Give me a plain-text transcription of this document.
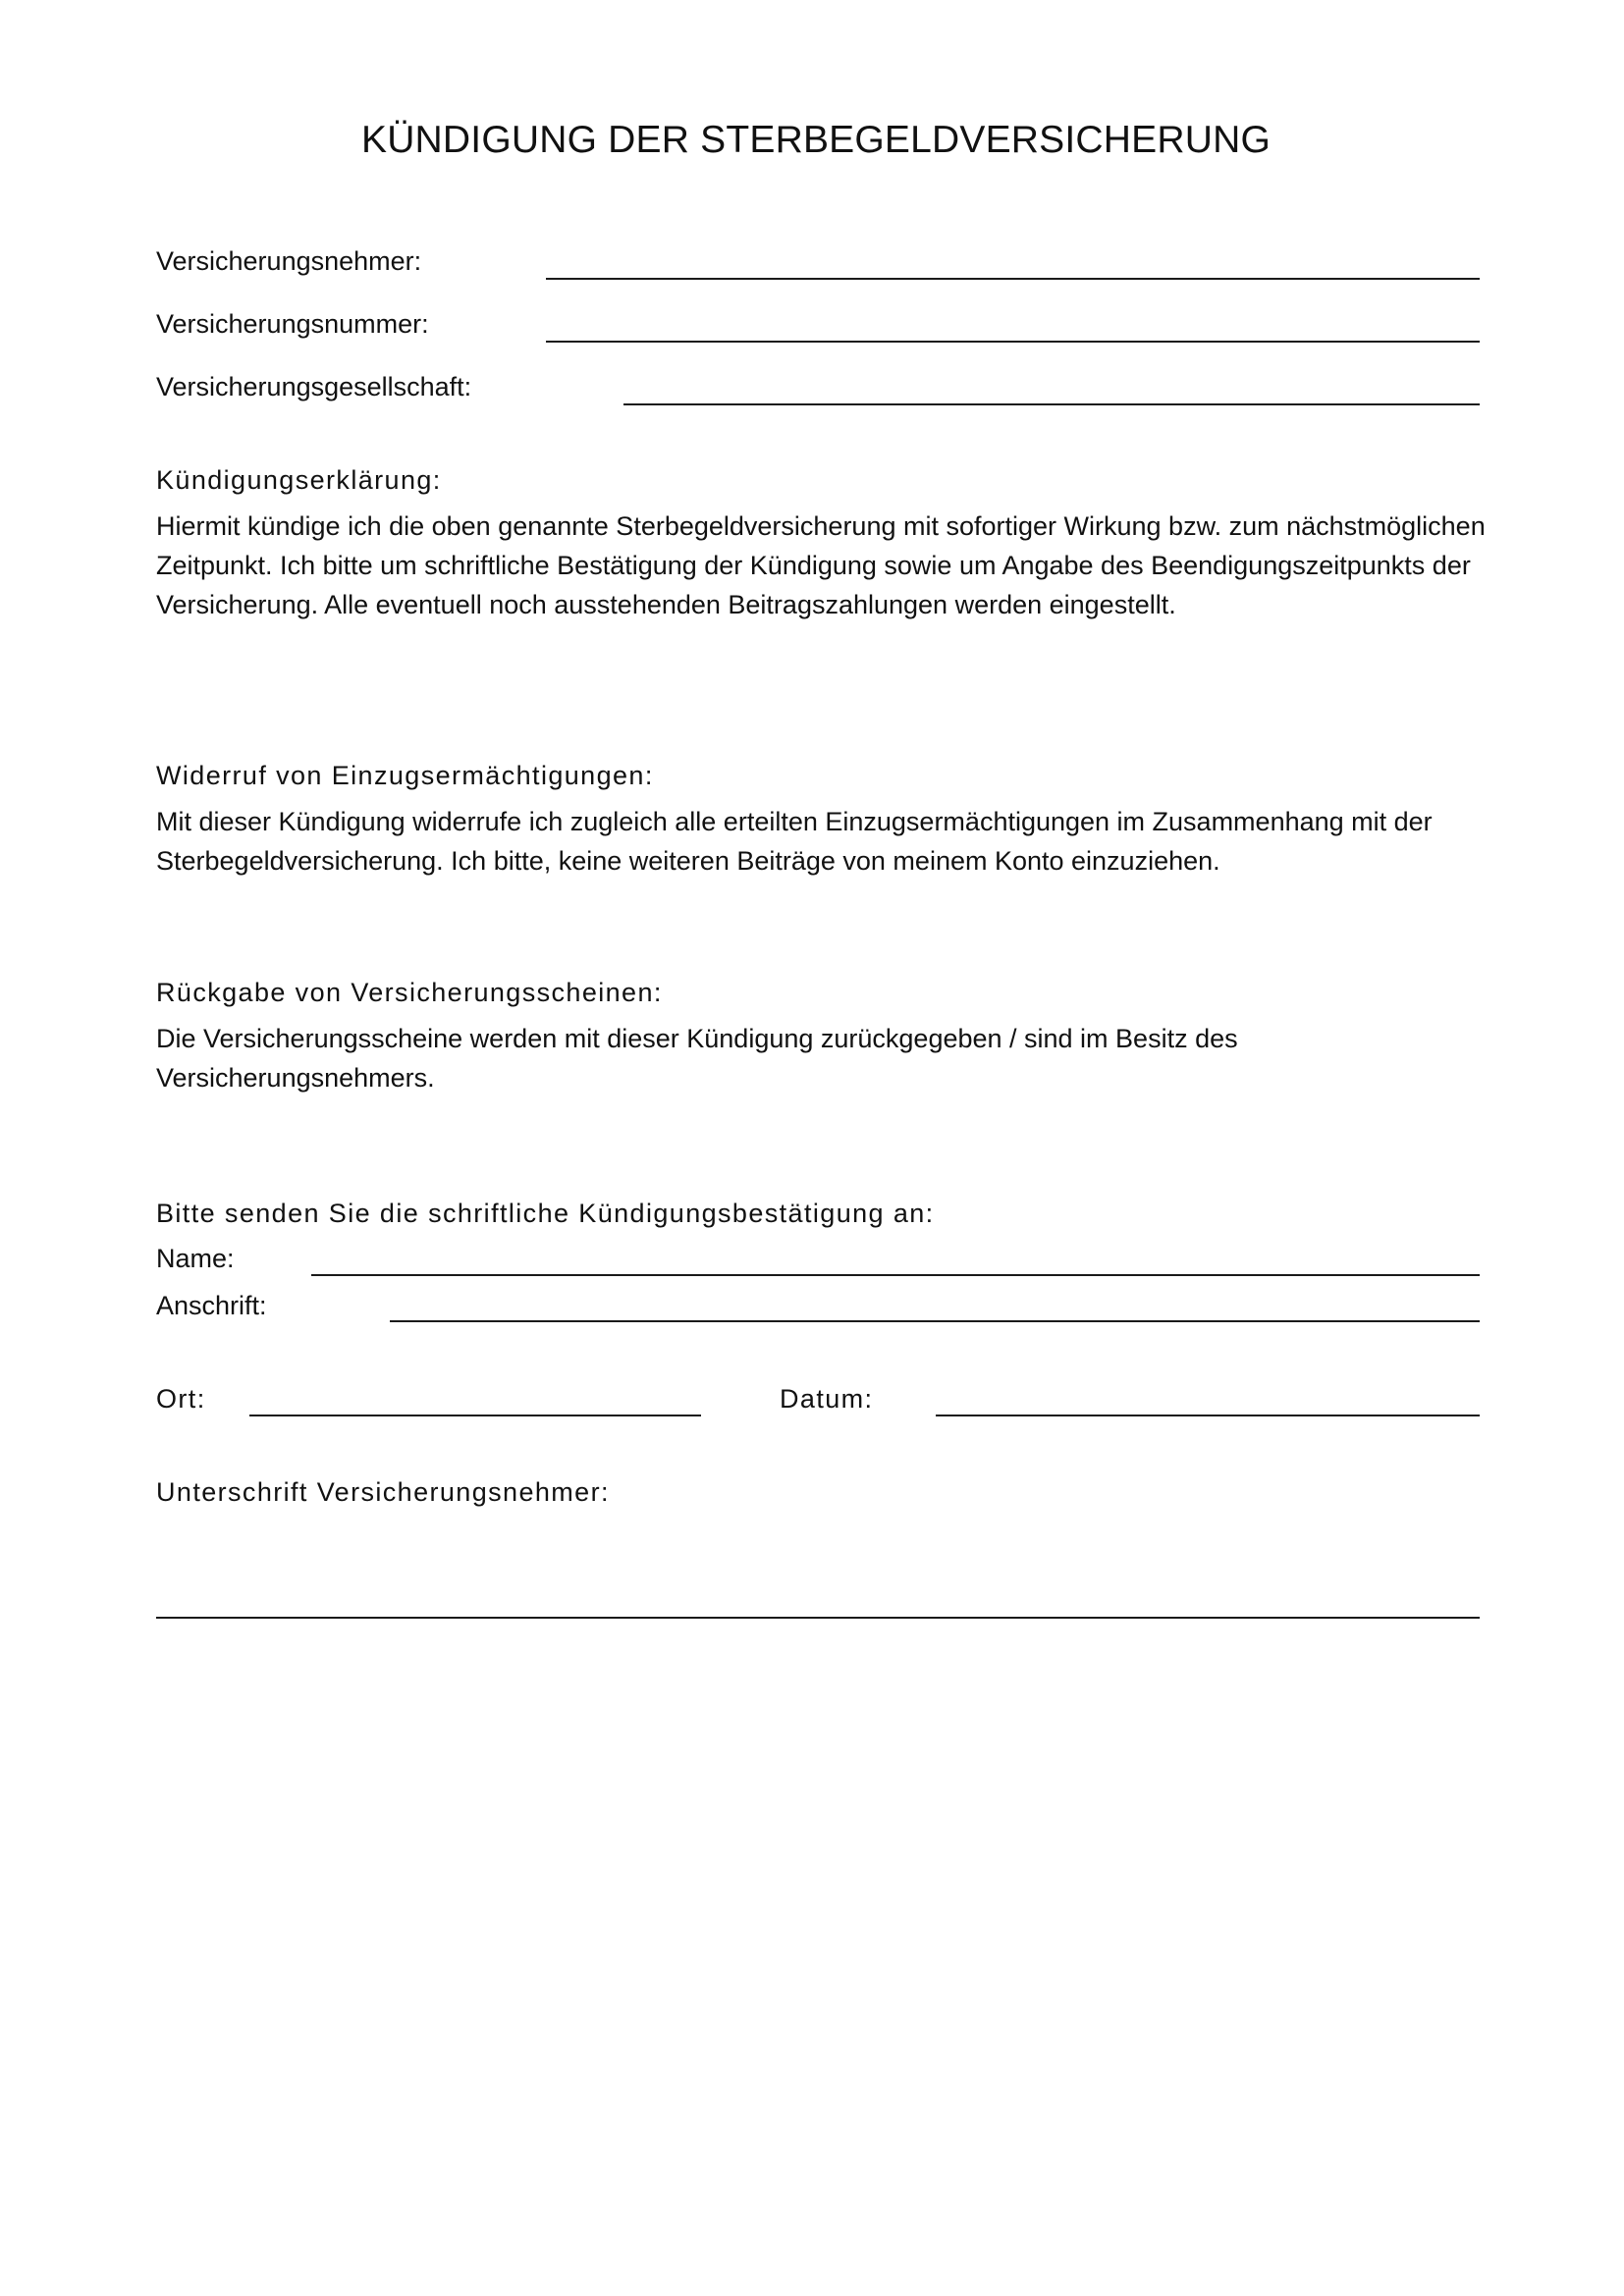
KÜNDIGUNG DER STERBEGELDVERSICHERUNG
Versicherungsnehmer:
Versicherungsnummer:
Versicherungsgesellschaft:
Kündigungserklärung:

Hiermit kündige ich die oben genannte Sterbegeldversicherung mit sofortiger Wirkung bzw. zum nächstmöglichen Zeitpunkt. Ich bitte um schriftliche Bestätigung der Kündigung sowie um Angabe des Beendigungszeitpunkts der Versicherung. Alle eventuell noch ausstehenden Beitragszahlungen werden eingestellt.

Widerruf von Einzugsermächtigungen:

Mit dieser Kündigung widerrufe ich zugleich alle erteilten Einzugsermächtigungen im Zusammenhang mit der Sterbegeldversicherung. Ich bitte, keine weiteren Beiträge von meinem Konto einzuziehen.

Rückgabe von Versicherungsscheinen:

Die Versicherungsscheine werden mit dieser Kündigung zurückgegeben / sind im Besitz des Versicherungsnehmers.

Bitte senden Sie die schriftliche Kündigungsbestätigung an:
Name:
Anschrift:
Ort:	Datum:
Unterschrift Versicherungsnehmer:
